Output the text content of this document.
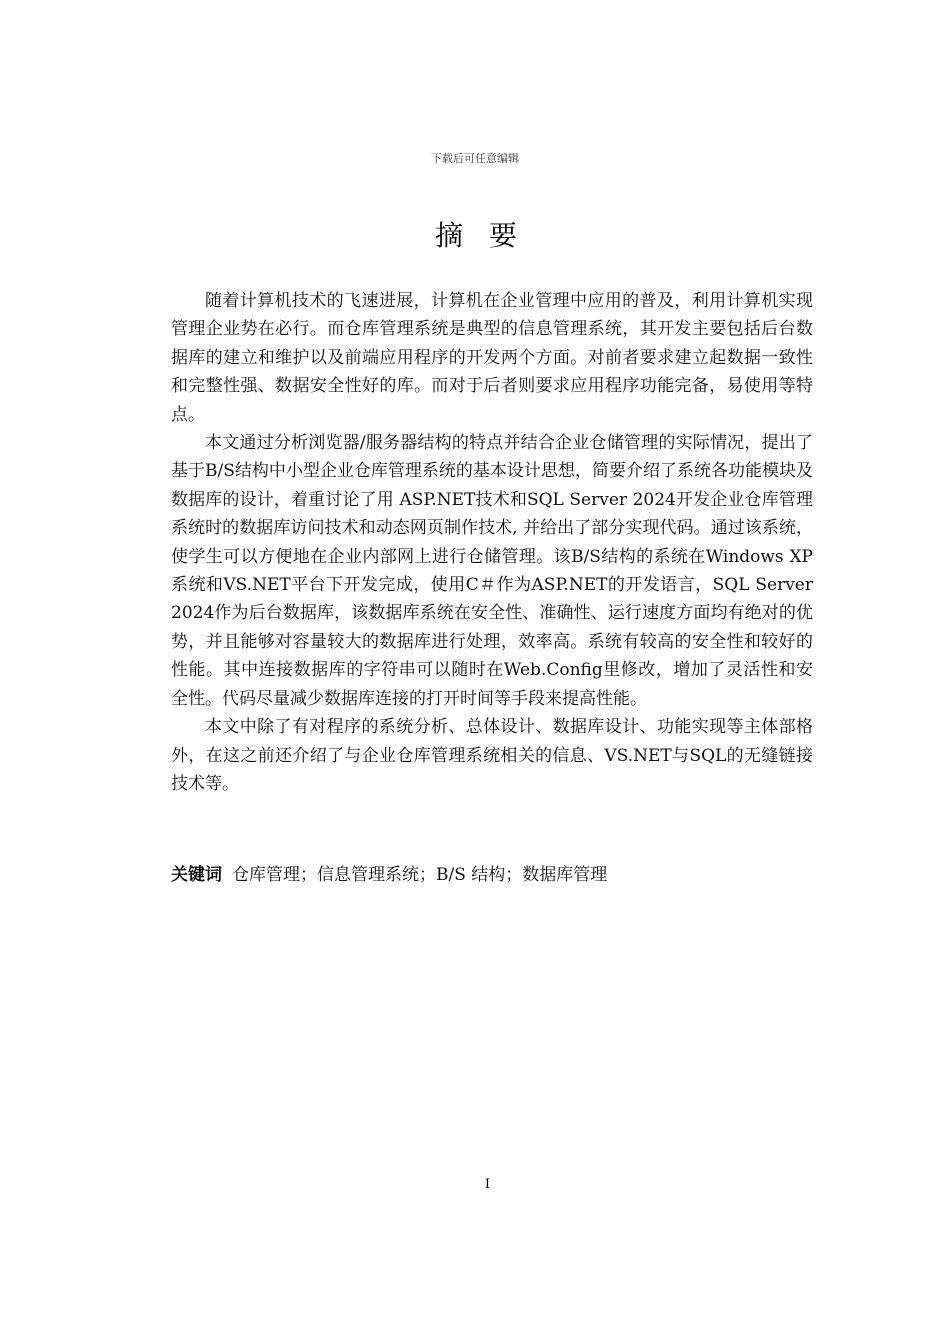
下载后可任意编辑
摘要

随着计算机技术的飞速进展，计算机在企业管理中应用的普及，利用计算机实现管理企业势在必行。而仓库管理系统是典型的信息管理系统，其开发主要包括后台数据库的建立和维护以及前端应用程序的开发两个方面。对前者要求建立起数据一致性和完整性强、数据安全性好的库。而对于后者则要求应用程序功能完备，易使用等特点。

本文通过分析浏览器/服务器结构的特点并结合企业仓储管理的实际情况，提出了基于B/S结构中小型企业仓库管理系统的基本设计思想，简要介绍了系统各功能模块及数据库的设计，着重讨论了用 ASP.NET技术和SQL Server 2024开发企业仓库管理系统时的数据库访问技术和动态网页制作技术, 并给出了部分实现代码。通过该系统，使学生可以方便地在企业内部网上进行仓储管理。该B/S结构的系统在Windows XP系统和VS.NET平台下开发完成，使用C＃作为ASP.NET的开发语言，SQL Server 2024作为后台数据库，该数据库系统在安全性、准确性、运行速度方面均有绝对的优势，并且能够对容量较大的数据库进行处理，效率高。系统有较高的安全性和较好的性能。其中连接数据库的字符串可以随时在Web.Config里修改，增加了灵活性和安全性。代码尽量减少数据库连接的打开时间等手段来提高性能。

本文中除了有对程序的系统分析、总体设计、数据库设计、功能实现等主体部格外，在这之前还介绍了与企业仓库管理系统相关的信息、VS.NET与SQL的无缝链接技术等。

关键词 仓库管理；信息管理系统；B/S 结构；数据库管理
I
